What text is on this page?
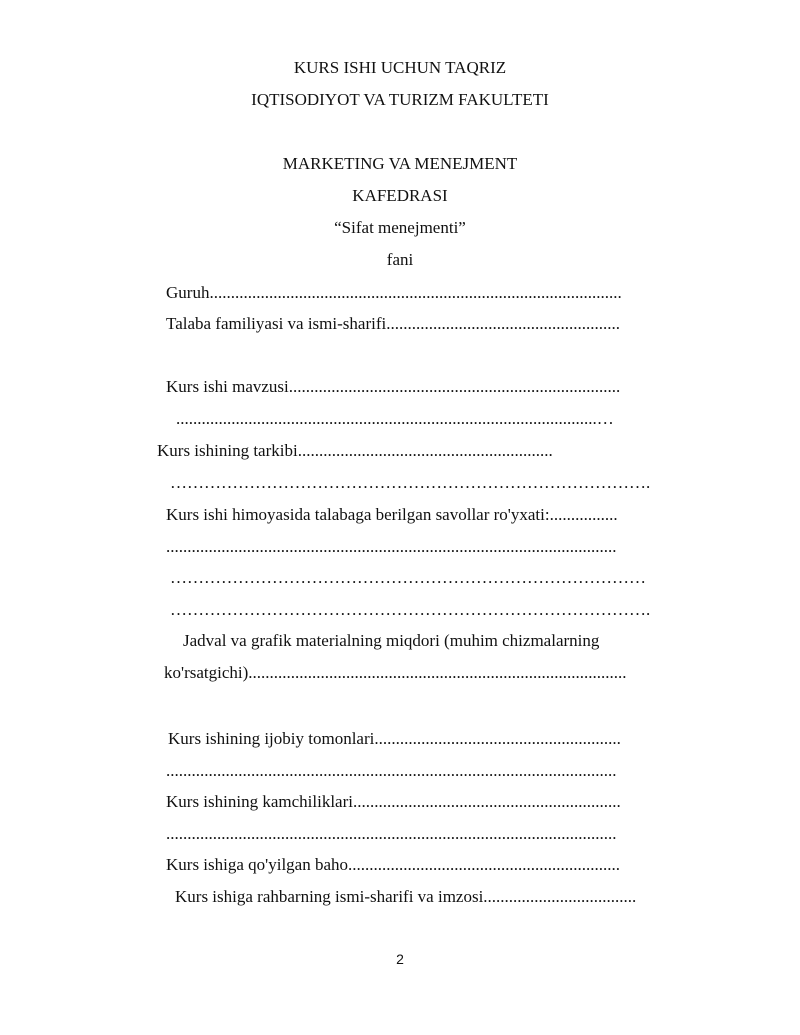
KURS ISHI UCHUN TAQRIZ
IQTISODIYOT VA TURIZM FAKULTETI
MARKETING VA MENEJMENT
KAFEDRASI
“Sifat menejmenti”
fani
Guruh.................................................................................................
Talaba familiyasi va ismi-sharifi.......................................................
Kurs ishi mavzusi..............................................................................
...................................................................................................…
Kurs ishining tarkibi............................................................
………………………………………………………………………….
Kurs ishi himoyasida talabaga berilgan savollar ro'yxati:................
..........................................................................................................
…………………………………………………………………………
………………………………………………………………………….
Jadval va grafik materialning miqdori (muhim chizmalarning
ko'rsatgichi).........................................................................................
Kurs ishining ijobiy tomonlari..........................................................
..........................................................................................................
Kurs ishining kamchiliklari...............................................................
..........................................................................................................
Kurs ishiga qo'yilgan baho................................................................
Kurs ishiga rahbarning ismi-sharifi va imzosi....................................
2
